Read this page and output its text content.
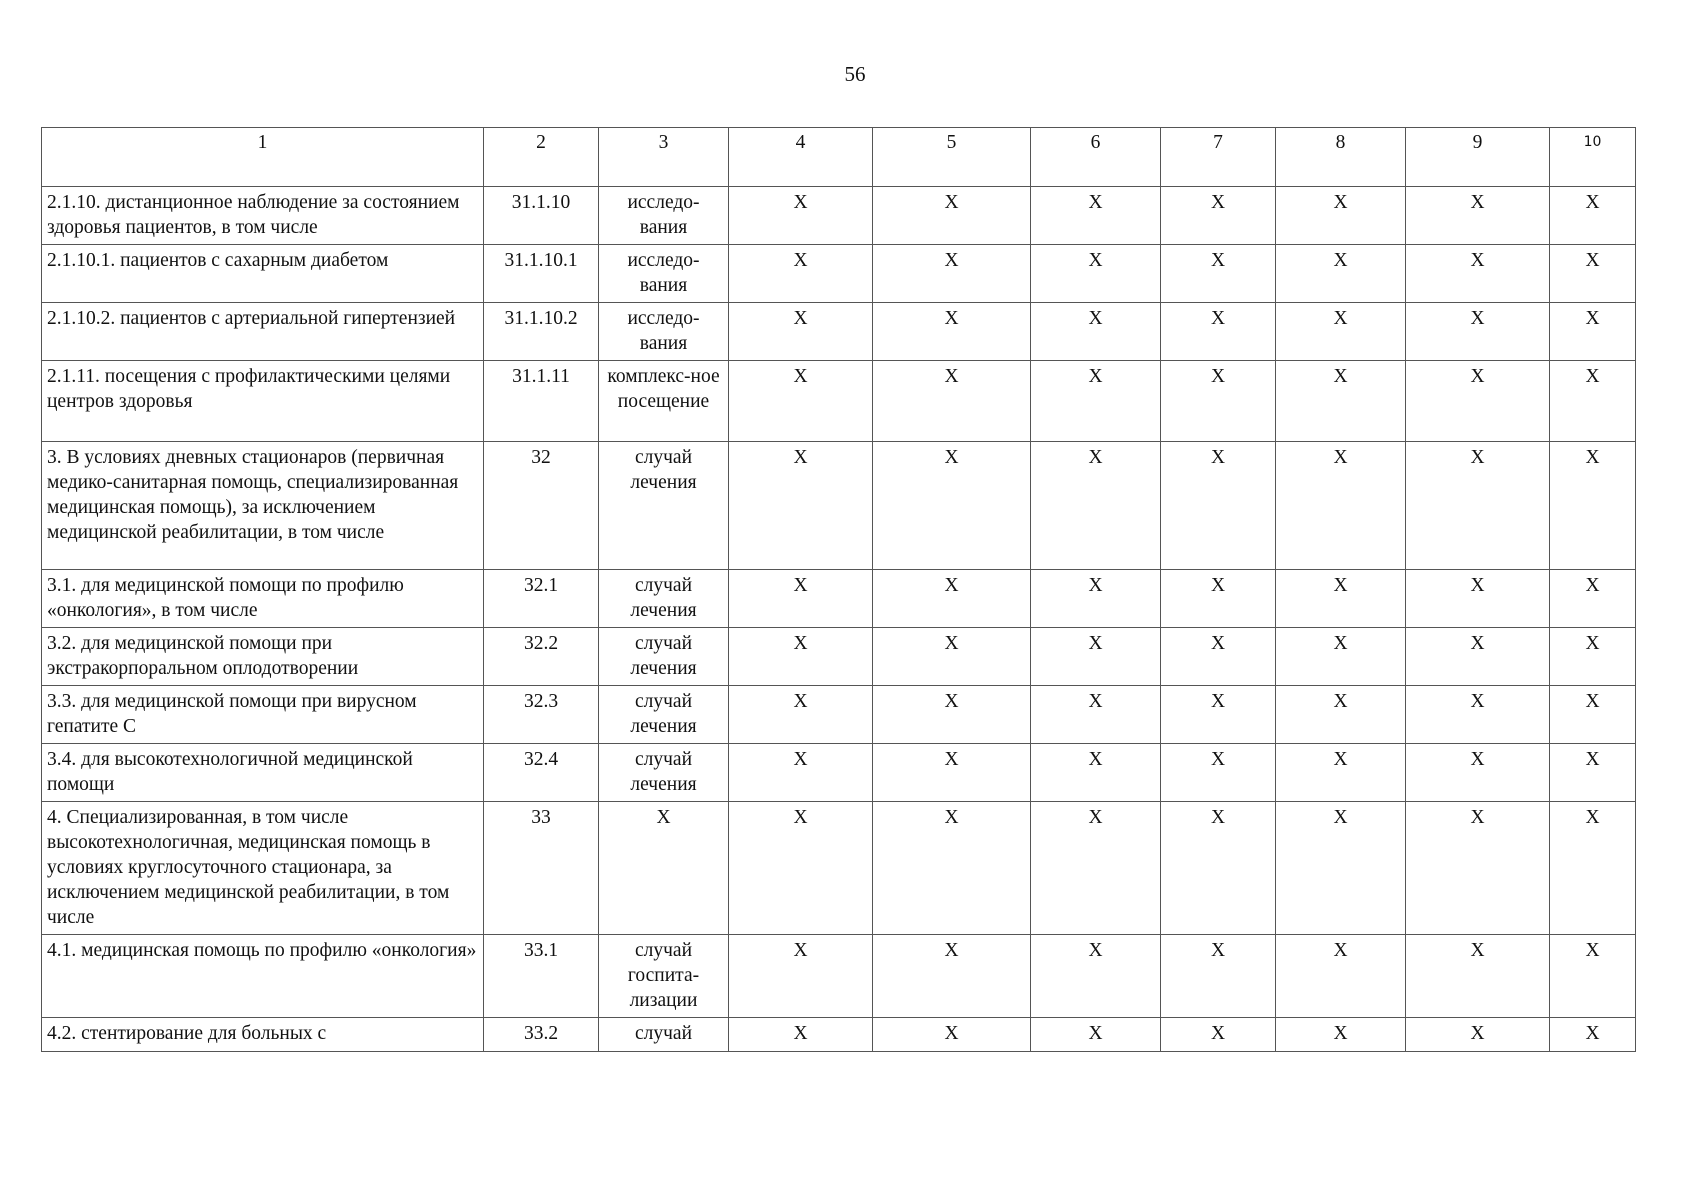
56
1	2	3	4	5	6	7	8	9	10
2.1.10. дистанционное наблюдение за состоянием здоровья пациентов, в том числе	31.1.10	исследо-вания	Х	Х	Х	Х	Х	Х	Х
2.1.10.1. пациентов с сахарным диабетом	31.1.10.1	исследо-вания	Х	Х	Х	Х	Х	Х	Х
2.1.10.2. пациентов с артериальной гипертензией	31.1.10.2	исследо-вания	Х	Х	Х	Х	Х	Х	Х
2.1.11. посещения с профилактическими целями центров здоровья	31.1.11	комплекс-ное посещение	Х	Х	Х	Х	Х	Х	Х
3. В условиях дневных стационаров (первичная медико-санитарная помощь, специализированная медицинская помощь), за исключением медицинской реабилитации, в том числе	32	случай лечения	Х	Х	Х	Х	Х	Х	Х
3.1. для медицинской помощи по профилю «онкология», в том числе	32.1	случай лечения	Х	Х	Х	Х	Х	Х	Х
3.2. для медицинской помощи при экстракорпоральном оплодотворении	32.2	случай лечения	Х	Х	Х	Х	Х	Х	Х
3.3. для медицинской помощи при вирусном гепатите С	32.3	случай лечения	Х	Х	Х	Х	Х	Х	Х
3.4. для высокотехнологичной медицинской помощи	32.4	случай лечения	Х	Х	Х	Х	Х	Х	Х
4. Специализированная, в том числе высокотехнологичная, медицинская помощь в условиях круглосуточного стационара, за исключением медицинской реабилитации, в том числе	33	Х	Х	Х	Х	Х	Х	Х	Х
4.1. медицинская помощь по профилю «онкология»	33.1	случай госпита-лизации	Х	Х	Х	Х	Х	Х	Х
4.2. стентирование для больных с	33.2	случай	Х	Х	Х	Х	Х	Х	Х
